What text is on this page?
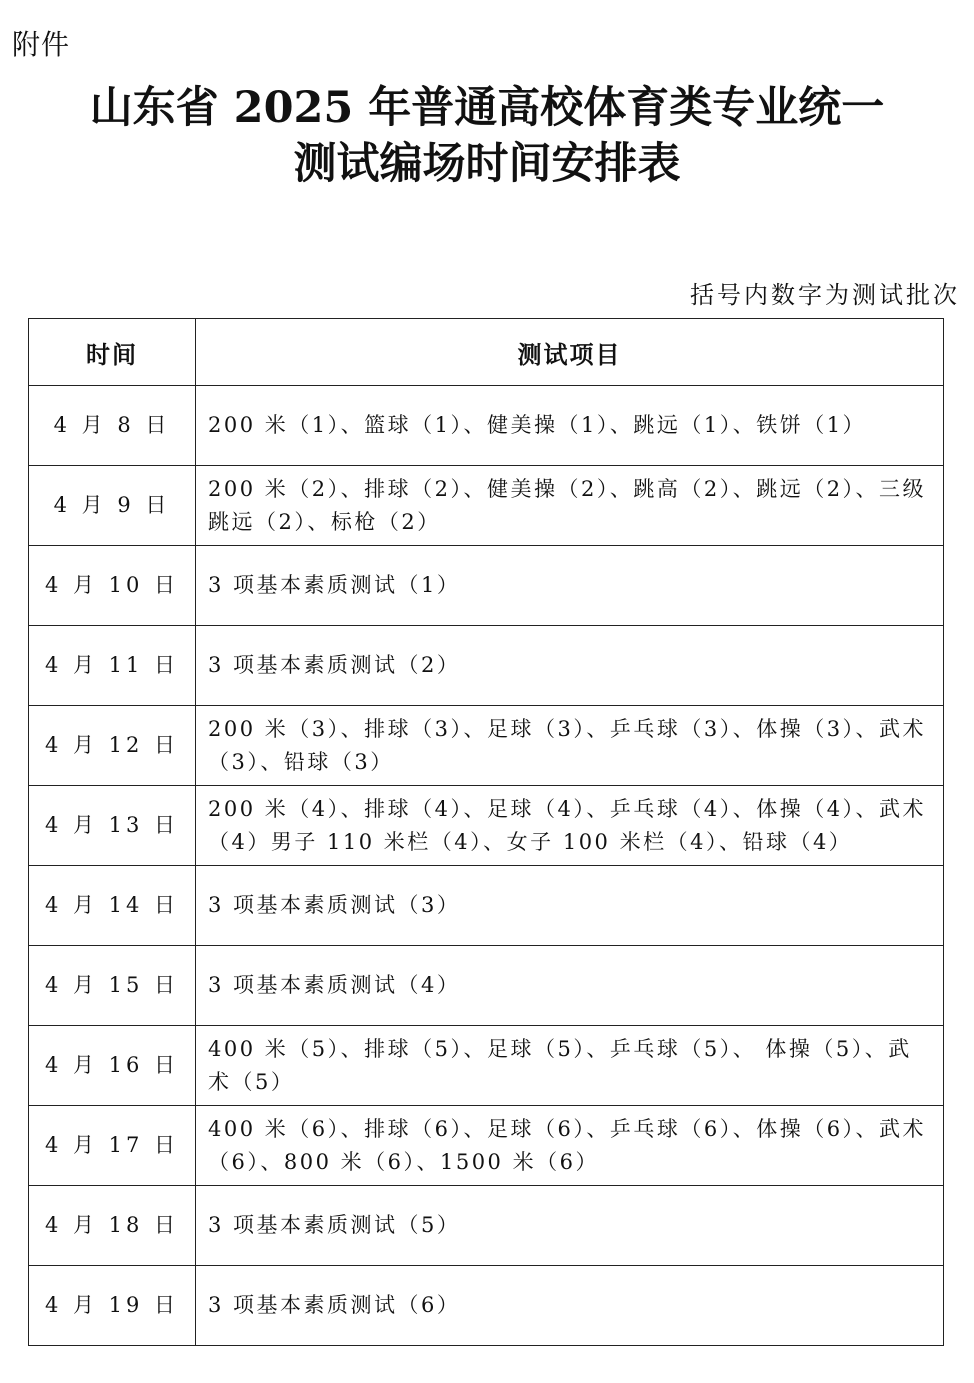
附件
山东省 2025 年普通高校体育类专业统一
测试编场时间安排表
括号内数字为测试批次
时间	测试项目
4 月 8 日	200 米（1）、篮球（1）、健美操（1）、跳远（1）、铁饼（1）
4 月 9 日	200 米（2）、排球（2）、健美操（2）、跳高（2）、跳远（2）、三级跳远（2）、标枪（2）
4 月 10 日	3 项基本素质测试（1）
4 月 11 日	3 项基本素质测试（2）
4 月 12 日	200 米（3）、排球（3）、足球（3）、乒乓球（3）、体操（3）、武术（3）、铅球（3）
4 月 13 日	200 米（4）、排球（4）、足球（4）、乒乓球（4）、体操（4）、武术（4）男子 110 米栏（4）、女子 100 米栏（4）、铅球（4）
4 月 14 日	3 项基本素质测试（3）
4 月 15 日	3 项基本素质测试（4）
4 月 16 日	400 米（5）、排球（5）、足球（5）、乒乓球（5）、 体操（5）、武术（5）
4 月 17 日	400 米（6）、排球（6）、足球（6）、乒乓球（6）、体操（6）、武术（6）、800 米（6）、1500 米（6）
4 月 18 日	3 项基本素质测试（5）
4 月 19 日	3 项基本素质测试（6）
